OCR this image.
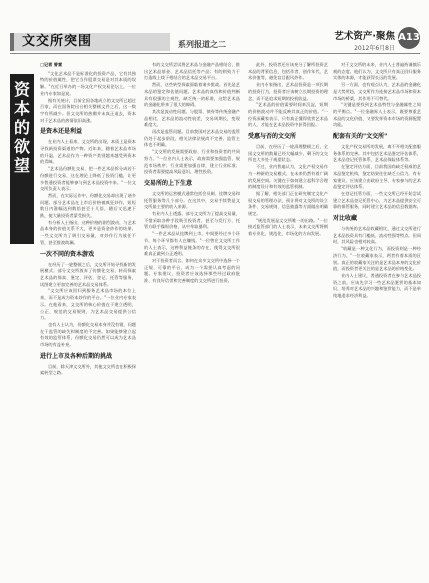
文交所突围	系列报道之二
艺术资产·聚焦
2012年6月8日
A13
资
本
的
欲
望

□记者 曾雷

"文化艺术品不是标准化的投资产品，它有其独特的价值属性，把它当作股票交易是对其本质的误解。"在近日举办的一场文化产权交易论坛上，一位业内专家如是说。

据有关统计，目前全国各地成立的文交所已超过百家，而在国务院出台相关整顿文件之后，这一数字有所减少。但文交所的热潮并未真正退去，资本对于艺术品的热情依旧高涨。

是资本还是利益

在业内人士看来，文交所的出现，本质上是资本寻找新投资渠道的产物。近年来，随着艺术品市场的升温，艺术品作为一种资产类别越来越受到资本的青睐。

"艺术品份额化交易，把一件艺术品拆分成若干份额进行交易，这在理论上降低了投资门槛，让更多普通投资者能够参与到艺术品投资中来。"一位文交所负责人表示。

然而，在实际运作中，份额化交易却出现了诸多问题。部分艺术品在上市后价格被疯狂炒作，短短数日内涨幅达到数倍甚至十几倍，随后又迅速下跌，使大量投资者蒙受损失。

有分析人士指出，这种价格的剧烈波动，与艺术品本身的价值关系不大，更多是资金炒作的结果。一些文交所为了吸引交易量，对炒作行为放任不管，甚至推波助澜。

一次不同的资本游戏

在经历了一轮整顿之后，文交所开始寻找新的发展模式。部分文交所放弃了份额化交易，转而探索艺术品的保真、鉴定、评估、登记、托管等服务，试图建立更加完善的艺术品交易体系。

"文交所应该回归到服务艺术品市场的本位上来，而不是成为资本炒作的平台。"一位业内专家表示。在他看来，文交所的核心价值在于建立透明、公正、规范的交易规则，为艺术品交易提供公信力。

也有人士认为，份额化交易本身并没有错，问题在于监管的缺失和制度的不完善。如果能够建立起有效的监管体系，份额化交易仍然可以成为艺术品市场的有益补充。

进行上市及各种后期的挑战

目前，除天津文交所外，其他文交所也在积极探索转型之路。

有的文交所尝试将艺术品与金融产品相结合，推出艺术品基金、艺术品信托等产品；有的则致力于打造线上线下相结合的艺术品交易平台。

然而，这些转型探索面临着诸多挑战。首先是艺术品的鉴定和估值问题。艺术品的真伪和价值判断具有很强的主观性，缺乏统一的标准，这给艺术品的金融化带来了很大的障碍。

其次是流动性问题。与股票、债券等传统金融产品相比，艺术品的流动性较差，交易周期长，变现难度大。

再次是监管问题。目前我国对艺术品交易的监管仍处于起步阶段，相关法律法规尚不完善，监管主体也不明确。

"文交所的发展需要政府、行业和投资者的共同努力。"一位业内人士表示，政府需要加强监管，规范市场秩序；行业需要加强自律，建立行业标准；投资者需要提高风险意识，理性投资。

交易所的上下生意

文交所的运营模式通常包括会员制、挂牌交易和托管服务等几个部分。在这其中，交易手续费是文交所最主要的收入来源。

有业内人士透露，部分文交所为了提高交易量，不惜采取各种手段吸引投资者，甚至与发行方、托管方联手操纵价格，从中牟取暴利。

"一件艺术品从挂牌到上市，中间要经过多个环节，每个环节都有人在赚钱。"一位曾在文交所工作的人士表示，这种利益链条的存在，使得文交所很难真正做到公正透明。

对于投资者而言，如何在众多文交所中选择一个正规、可靠的平台，成为一个需要认真考虑的问题。专家建议，投资者应该选择那些经过政府批准、有良好信誉和完善制度的文交所进行投资。

此外，投资者还应该充分了解所投资艺术品的背景信息，包括作者、创作年代、艺术价值等，避免盲目跟风炒作。

业内专家指出，艺术品投资是一项长期的投资行为，投资者应该树立长期投资的理念，而不是追求短期的投机收益。

"艺术品的价值需要时间来沉淀，短期的价格波动并不能反映其真正的价值。"一位资深藏家表示，只有真正懂得欣赏艺术品的人，才能在艺术品投资中获得回报。

受惠与否的文交所

目前，在经历了一轮清理整顿之后，全国文交所的数量已经大幅减少，剩下的文交所也大多处于观望状态。

不过，业内普遍认为，文化产权交易作为一种新的交易模式，在未来仍然有着广阔的发展空间。关键在于如何建立起科学合理的制度设计和有效的监管机制。

据了解，相关部门正在研究制定文化产权交易的管理办法，预计将对文交所的设立条件、交易规则、信息披露等方面做出明确规定。

"规范发展是文交所唯一的出路。"一位接近监管部门的人士表示，未来文交所将朝着专业化、规范化、市场化的方向发展。

对于文交所的未来，业内人士普遍持谨慎乐观的态度。他们认为，文交所只有真正回归服务实体的本源，才能获得长远的发展。

另一方面，也有观点认为，艺术品的金融化是大势所趋，文交所作为连接艺术品市场和资本市场的桥梁，其作用不可替代。

"关键是要找到艺术品特性与金融属性之间的平衡点。"一位金融界人士表示，既要尊重艺术品的文化价值，又要发挥资本市场的资源配置功能。

配套有关的"文交所"

文化产权交易所的发展，离不开相关配套服务体系的完善。其中包括艺术品鉴定评估体系、艺术品登记托管体系、艺术品保险体系等。

在鉴定评估方面，目前我国尚缺乏权威的艺术品鉴定机构，鉴定结果往往缺乏公信力。有专家建议，应该建立由政府主导、专家参与的艺术品鉴定评估体系。

在登记托管方面，一些文交所已经开始尝试建立艺术品登记托管中心，为艺术品提供安全可靠的保管服务，同时建立艺术品的信息数据库。

对比收藏

与传统的艺术品收藏相比，通过文交所进行艺术品投资具有门槛低、流动性强等特点。但同时，其风险也相对较高。

"收藏是一种文化行为，而投资则是一种经济行为。"一位收藏家表示，两者有着本质的区别。真正的收藏家关注的是艺术品本身的文化价值，而投资者更关注的是艺术品的价格变化。

业内人士建议，普通投资者在参与艺术品投资之前，应该先学习一些艺术品鉴赏的基本知识，培养对艺术品的兴趣和鉴赏能力，而不是单纯地追求经济利益。
